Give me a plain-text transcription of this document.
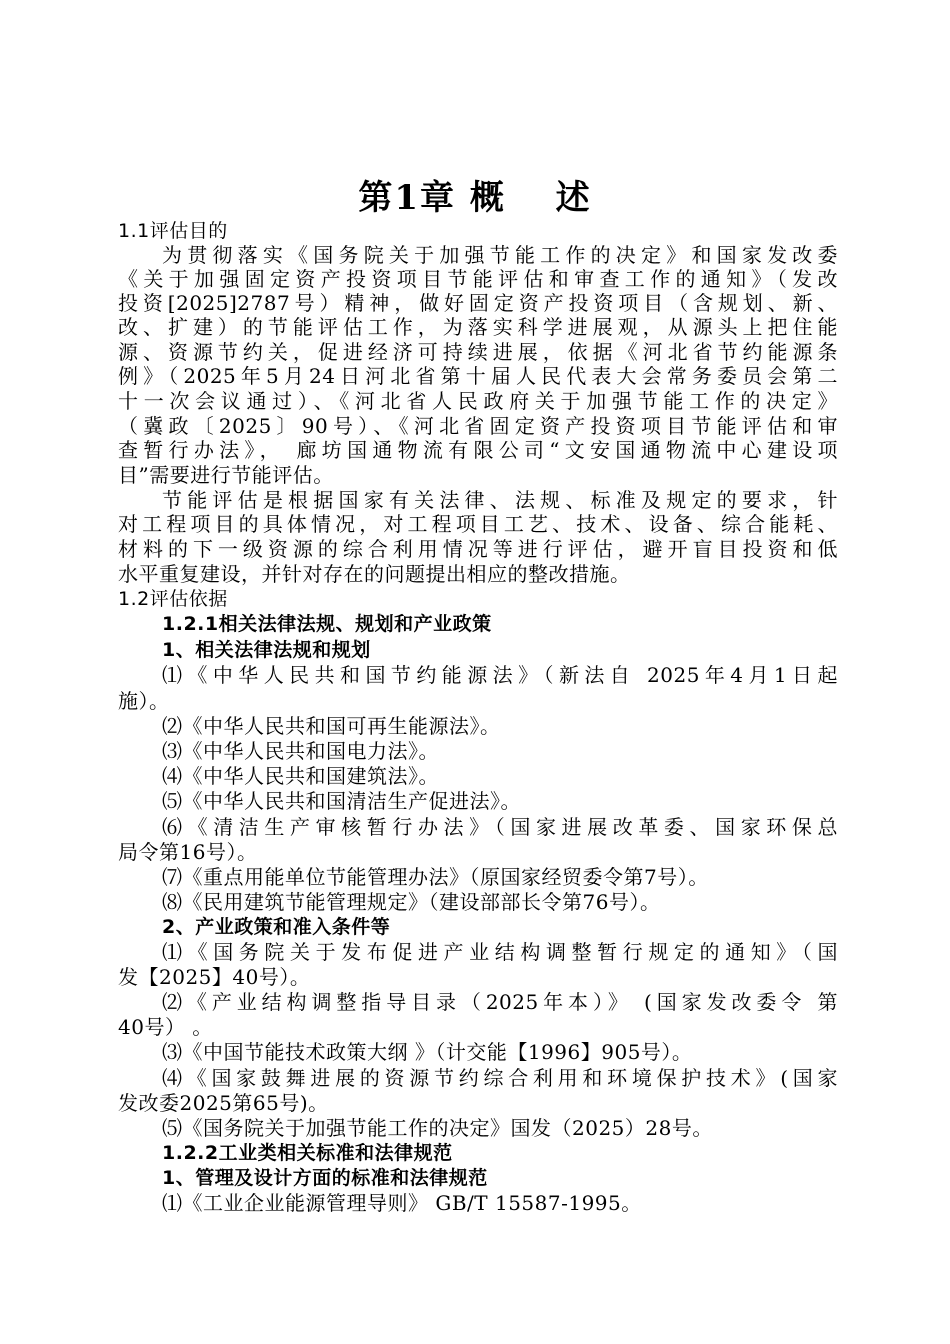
第1章 概　 述
1.1评估目的
为贯彻落实《国务院关于加强节能工作的决定》和国家发改委
《关于加强固定资产投资项目节能评估和审查工作的通知》（发改
投资[2025]2787号）精神，做好固定资产投资项目（含规划、新、
改、扩建）的节能评估工作，为落实科学进展观，从源头上把住能
源、资源节约关，促进经济可持续进展，依据《河北省节约能源条
例》（2025年5月24日河北省第十届人民代表大会常务委员会第二
十一次会议通过）、《河北省人民政府关于加强节能工作的决定》
（冀政〔2025〕90号）、《河北省固定资产投资项目节能评估和审
查暂行办法》， 廊坊国通物流有限公司“文安国通物流中心建设项
目”需要进行节能评估。
节能评估是根据国家有关法律、法规、标准及规定的要求，针
对工程项目的具体情况，对工程项目工艺、技术、设备、综合能耗、
材料的下一级资源的综合利用情况等进行评估，避开盲目投资和低
水平重复建设，并针对存在的问题提出相应的整改措施。
1.2评估依据
1.2.1相关法律法规、规划和产业政策
1、相关法律法规和规划
⑴《中华人民共和国节约能源法》（新法自 2025年4月1日起
施）。
⑵《中华人民共和国可再生能源法》。
⑶《中华人民共和国电力法》。
⑷《中华人民共和国建筑法》。
⑸《中华人民共和国清洁生产促进法》。
⑹《清洁生产审核暂行办法》（国家进展改革委、国家环保总
局令第16号）。
⑺《重点用能单位节能管理办法》（原国家经贸委令第7号）。
⑻《民用建筑节能管理规定》（建设部部长令第76号）。
2、产业政策和准入条件等
⑴《国务院关于发布促进产业结构调整暂行规定的通知》（国
发【2025】40号）。
⑵《产业结构调整指导目录（2025年本）》 (国家发改委令 第
40号） 。
⑶《中国节能技术政策大纲 》（计交能【1996】905号）。
⑷《国家鼓舞进展的资源节约综合利用和环境保护技术》(国家
发改委2025第65号)。
⑸《国务院关于加强节能工作的决定》国发（2025）28号。
1.2.2工业类相关标准和法律规范
1、管理及设计方面的标准和法律规范
⑴《工业企业能源管理导则》 GB/T 15587-1995。
